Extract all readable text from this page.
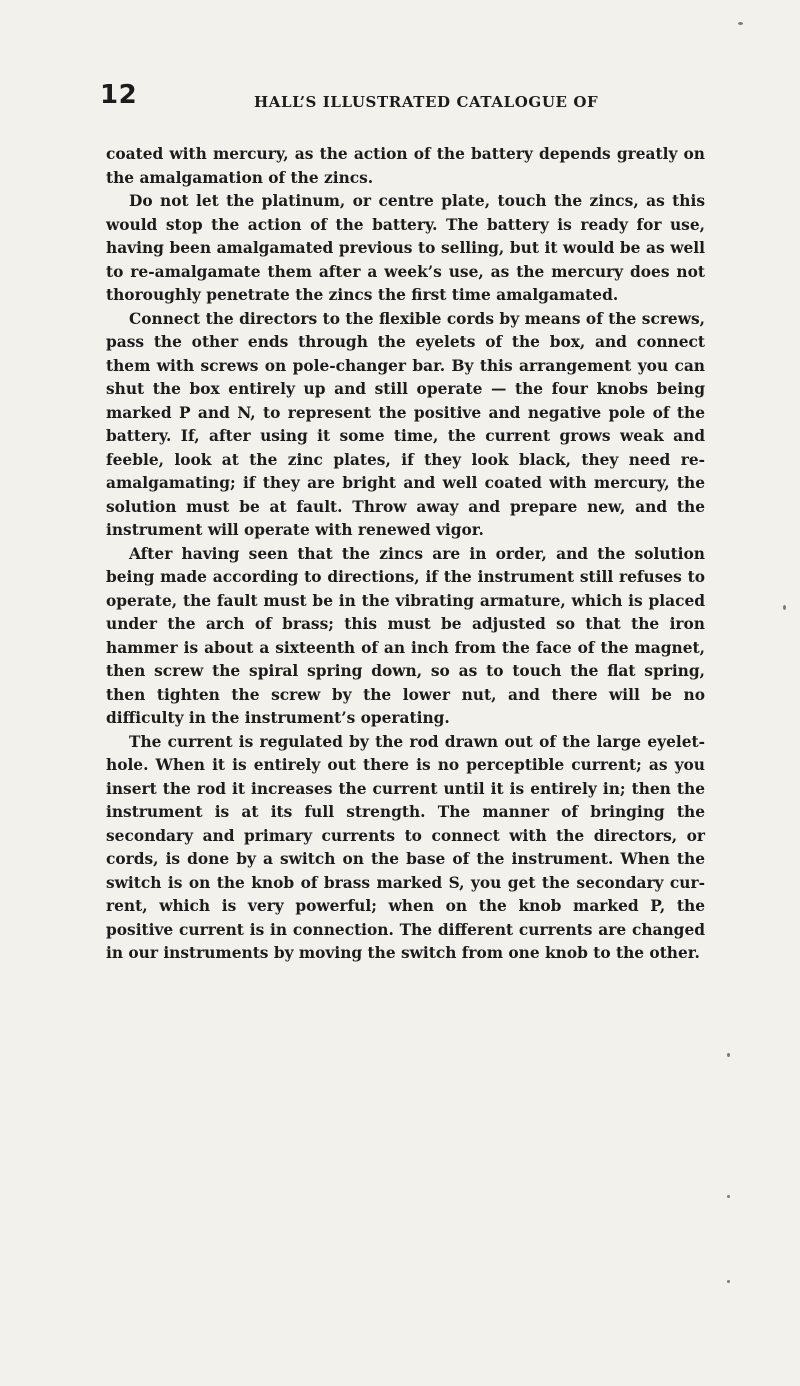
12	HALL’S ILLUSTRATED CATALOGUE OF

coated with mercury, as the action of the battery depends greatly on the amalgamation of the zincs.

Do not let the platinum, or centre plate, touch the zincs, as this would stop the action of the battery. The battery is ready for use, having been amalgamated previous to selling, but it would be as well to re-amalgamate them after a week’s use, as the mercury does not thoroughly penetrate the zincs the first time amalgamated.

Connect the directors to the flexible cords by means of the screws, pass the other ends through the eyelets of the box, and connect them with screws on pole-changer bar. By this arrangement you can shut the box entirely up and still operate — the four knobs being marked P and N, to represent the positive and negative pole of the battery. If, after using it some time, the current grows weak and feeble, look at the zinc plates, if they look black, they need re-amalgamating; if they are bright and well coated with mercury, the solution must be at fault. Throw away and prepare new, and the instrument will operate with renewed vigor.

After having seen that the zincs are in order, and the solution being made according to directions, if the instrument still refuses to operate, the fault must be in the vibrating armature, which is placed under the arch of brass; this must be adjusted so that the iron hammer is about a sixteenth of an inch from the face of the magnet, then screw the spiral spring down, so as to touch the flat spring, then tighten the screw by the lower nut, and there will be no difficulty in the instrument’s operating.

The current is regulated by the rod drawn out of the large eyelet-hole. When it is entirely out there is no perceptible current; as you insert the rod it increases the current until it is entirely in; then the instrument is at its full strength. The manner of bringing the secondary and primary currents to connect with the directors, or cords, is done by a switch on the base of the instrument. When the switch is on the knob of brass marked S, you get the secondary current, which is very powerful; when on the knob marked P, the positive current is in connection. The different currents are changed in our instruments by moving the switch from one knob to the other.
